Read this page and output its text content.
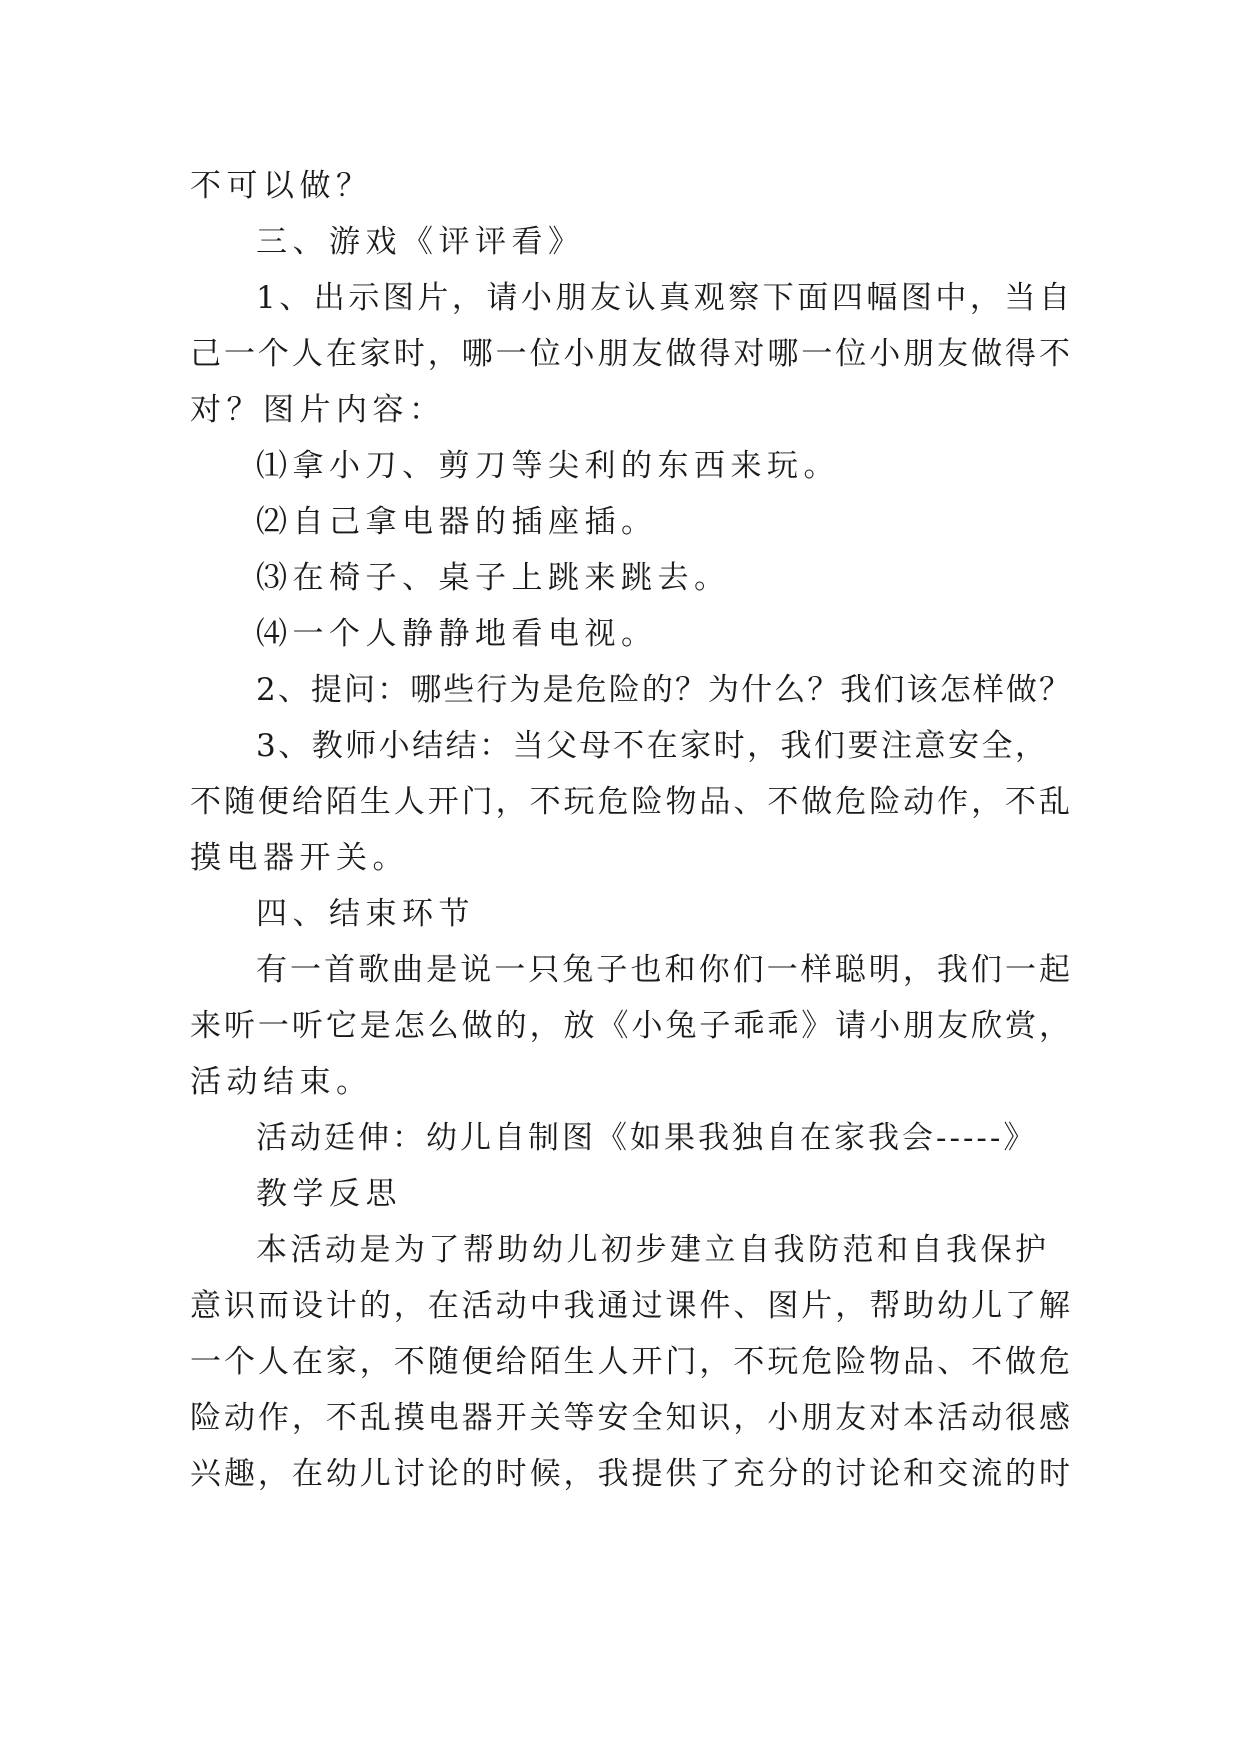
不可以做？
三、游戏《评评看》
1、出示图片，请小朋友认真观察下面四幅图中，当自
己一个人在家时，哪一位小朋友做得对哪一位小朋友做得不
对？图片内容：
⑴拿小刀、剪刀等尖利的东西来玩。
⑵自己拿电器的插座插。
⑶在椅子、桌子上跳来跳去。
⑷一个人静静地看电视。
2、提问：哪些行为是危险的？为什么？我们该怎样做？
3、教师小结结：当父母不在家时，我们要注意安全，
不随便给陌生人开门，不玩危险物品、不做危险动作，不乱
摸电器开关。
四、结束环节
有一首歌曲是说一只兔子也和你们一样聪明，我们一起
来听一听它是怎么做的，放《小兔子乖乖》请小朋友欣赏，
活动结束。
活动廷伸：幼儿自制图《如果我独自在家我会-----》
教学反思
本活动是为了帮助幼儿初步建立自我防范和自我保护
意识而设计的，在活动中我通过课件、图片，帮助幼儿了解
一个人在家，不随便给陌生人开门，不玩危险物品、不做危
险动作，不乱摸电器开关等安全知识，小朋友对本活动很感
兴趣，在幼儿讨论的时候，我提供了充分的讨论和交流的时
